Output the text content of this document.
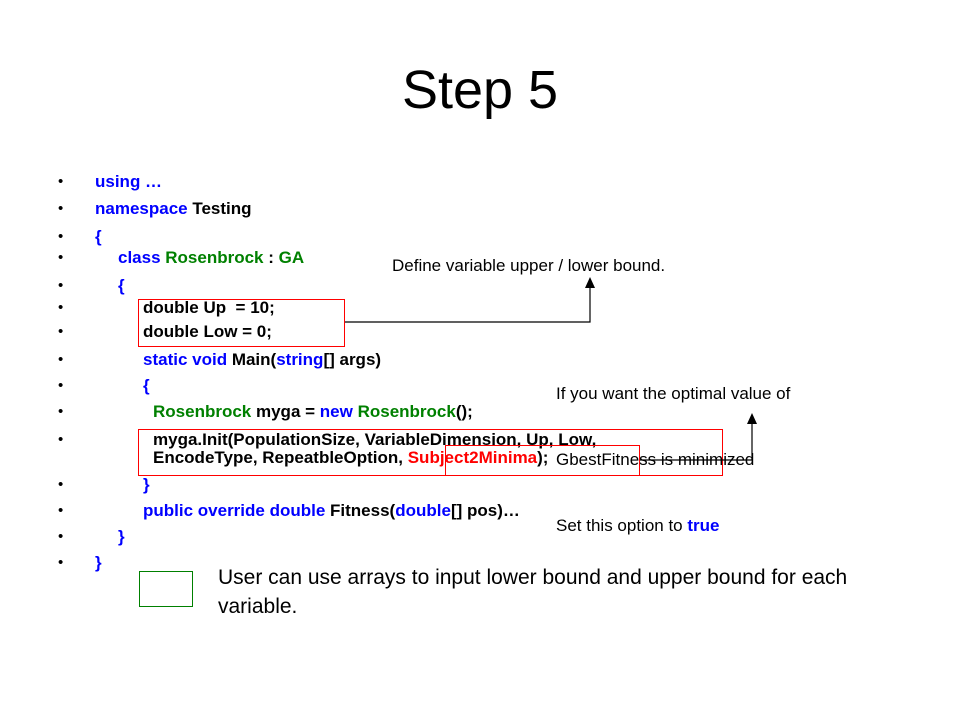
Step 5
• using …
• namespace Testing
• {
•	class Rosenbrock : GA
•	{
•	double Up  = 10;
•	double Low = 0;
•	static void Main(string[] args)
•	{
•	Rosenbrock myga = new Rosenbrock();
•	myga.Init(PopulationSize, VariableDimension, Up, Low,
EncodeType, RepeatbleOption, Subject2Minima);
•	}
•	public override double Fitness(double[] pos)…
•	}
• }
Define variable upper / lower bound.

If you want the optimal value of

GbestFitness is minimized

Set this option to true

User can use arrays to input lower bound and upper bound for each variable.
